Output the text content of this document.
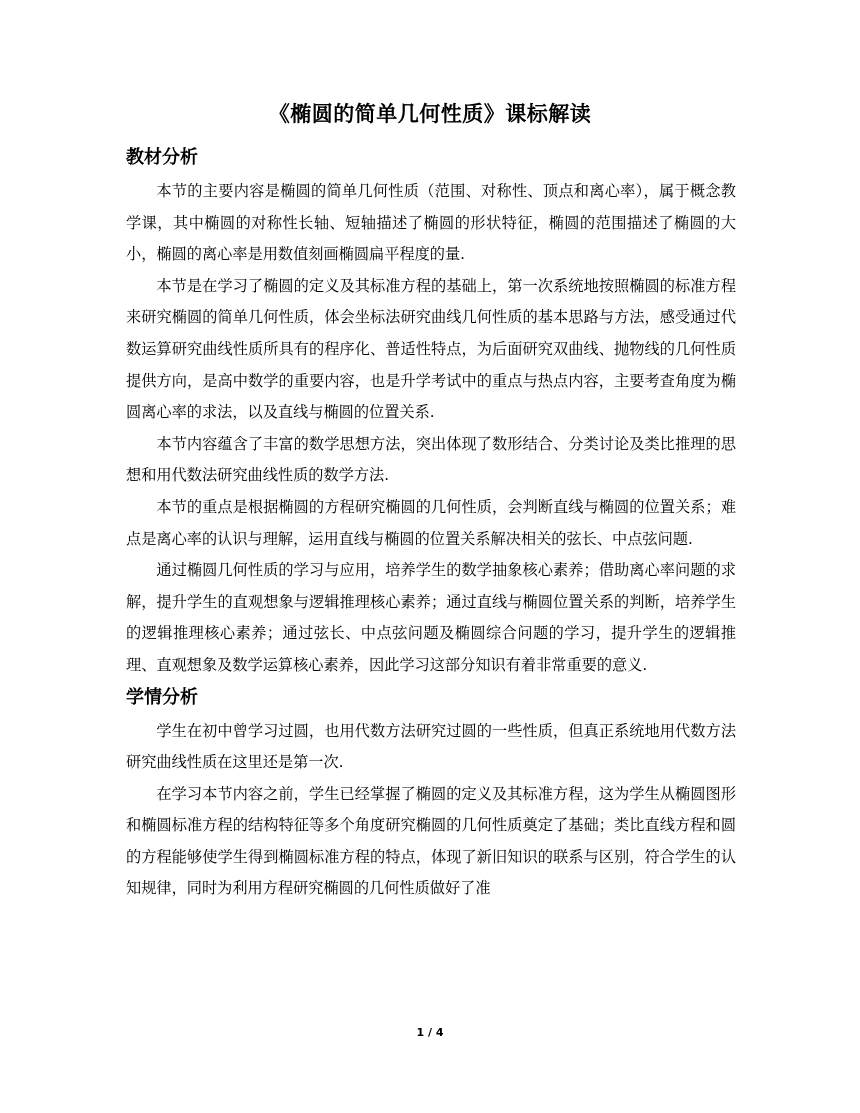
《椭圆的简单几何性质》课标解读
教材分析

本节的主要内容是椭圆的简单几何性质（范围、对称性、顶点和离心率），属于概念教学课，其中椭圆的对称性长轴、短轴描述了椭圆的形状特征，椭圆的范围描述了椭圆的大小，椭圆的离心率是用数值刻画椭圆扁平程度的量.

本节是在学习了椭圆的定义及其标准方程的基础上，第一次系统地按照椭圆的标准方程来研究椭圆的简单几何性质，体会坐标法研究曲线几何性质的基本思路与方法，感受通过代数运算研究曲线性质所具有的程序化、普适性特点，为后面研究双曲线、抛物线的几何性质提供方向，是高中数学的重要内容，也是升学考试中的重点与热点内容，主要考查角度为椭圆离心率的求法，以及直线与椭圆的位置关系.

本节内容蕴含了丰富的数学思想方法，突出体现了数形结合、分类讨论及类比推理的思想和用代数法研究曲线性质的数学方法.

本节的重点是根据椭圆的方程研究椭圆的几何性质，会判断直线与椭圆的位置关系；难点是离心率的认识与理解，运用直线与椭圆的位置关系解决相关的弦长、中点弦问题.

通过椭圆几何性质的学习与应用，培养学生的数学抽象核心素养；借助离心率问题的求解，提升学生的直观想象与逻辑推理核心素养；通过直线与椭圆位置关系的判断，培养学生的逻辑推理核心素养；通过弦长、中点弦问题及椭圆综合问题的学习，提升学生的逻辑推理、直观想象及数学运算核心素养，因此学习这部分知识有着非常重要的意义.

学情分析

学生在初中曾学习过圆，也用代数方法研究过圆的一些性质，但真正系统地用代数方法研究曲线性质在这里还是第一次.

在学习本节内容之前，学生已经掌握了椭圆的定义及其标准方程，这为学生从椭圆图形和椭圆标准方程的结构特征等多个角度研究椭圆的几何性质奠定了基础；类比直线方程和圆的方程能够使学生得到椭圆标准方程的特点，体现了新旧知识的联系与区别，符合学生的认知规律，同时为利用方程研究椭圆的几何性质做好了准

1 / 4
